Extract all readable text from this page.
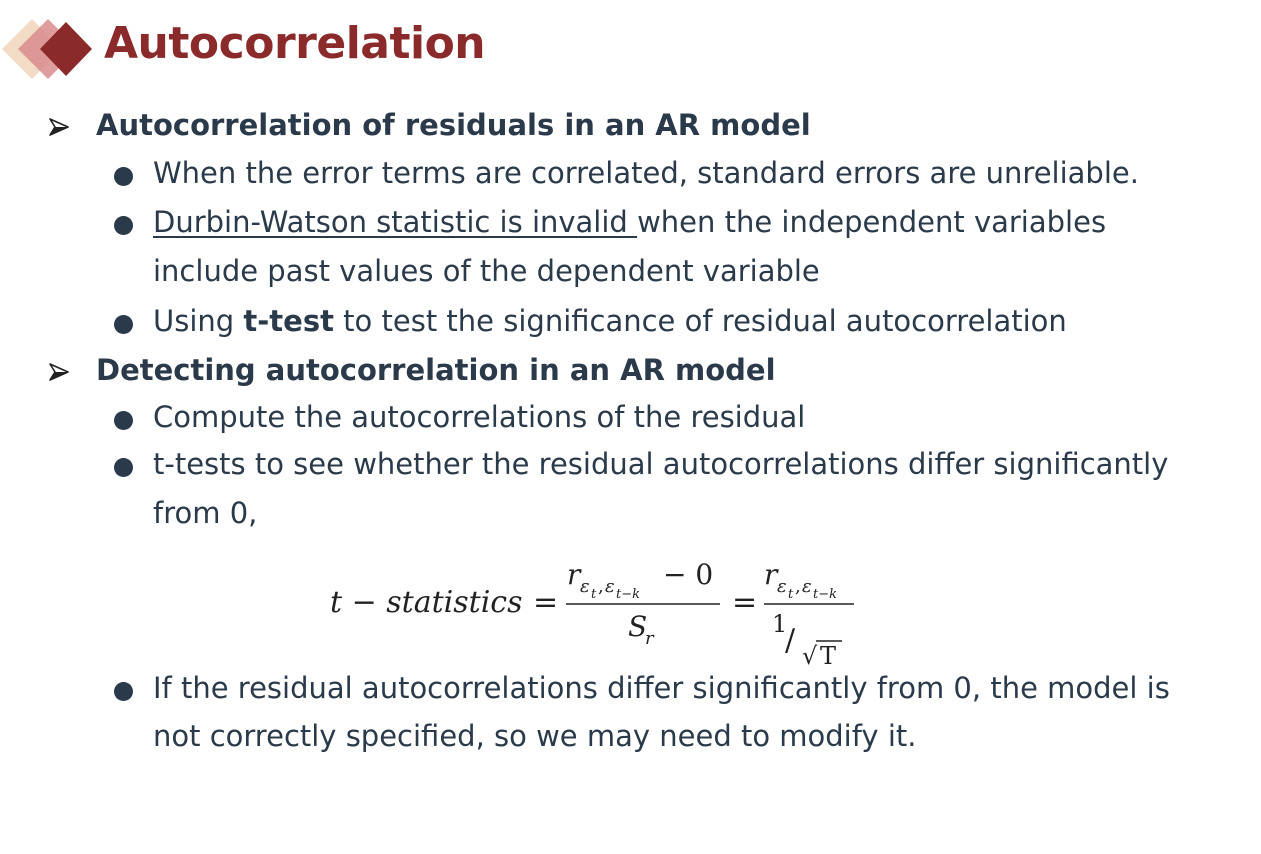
Autocorrelation
Autocorrelation of residuals in an AR model
When the error terms are correlated, standard errors are unreliable.
Durbin-Watson statistic is invalid when the independent variables
include past values of the dependent variable
Using t-test to test the significance of residual autocorrelation
Detecting autocorrelation in an AR model
Compute the autocorrelations of the residual
t-tests to see whether the residual autocorrelations differ significantly
from 0,
t − statistics =
r ε t , ε t−k
− 0
S
r
=
r ε t , ε t−k
1
/ √ T
If the residual autocorrelations differ significantly from 0, the model is
not correctly specified, so we may need to modify it.
